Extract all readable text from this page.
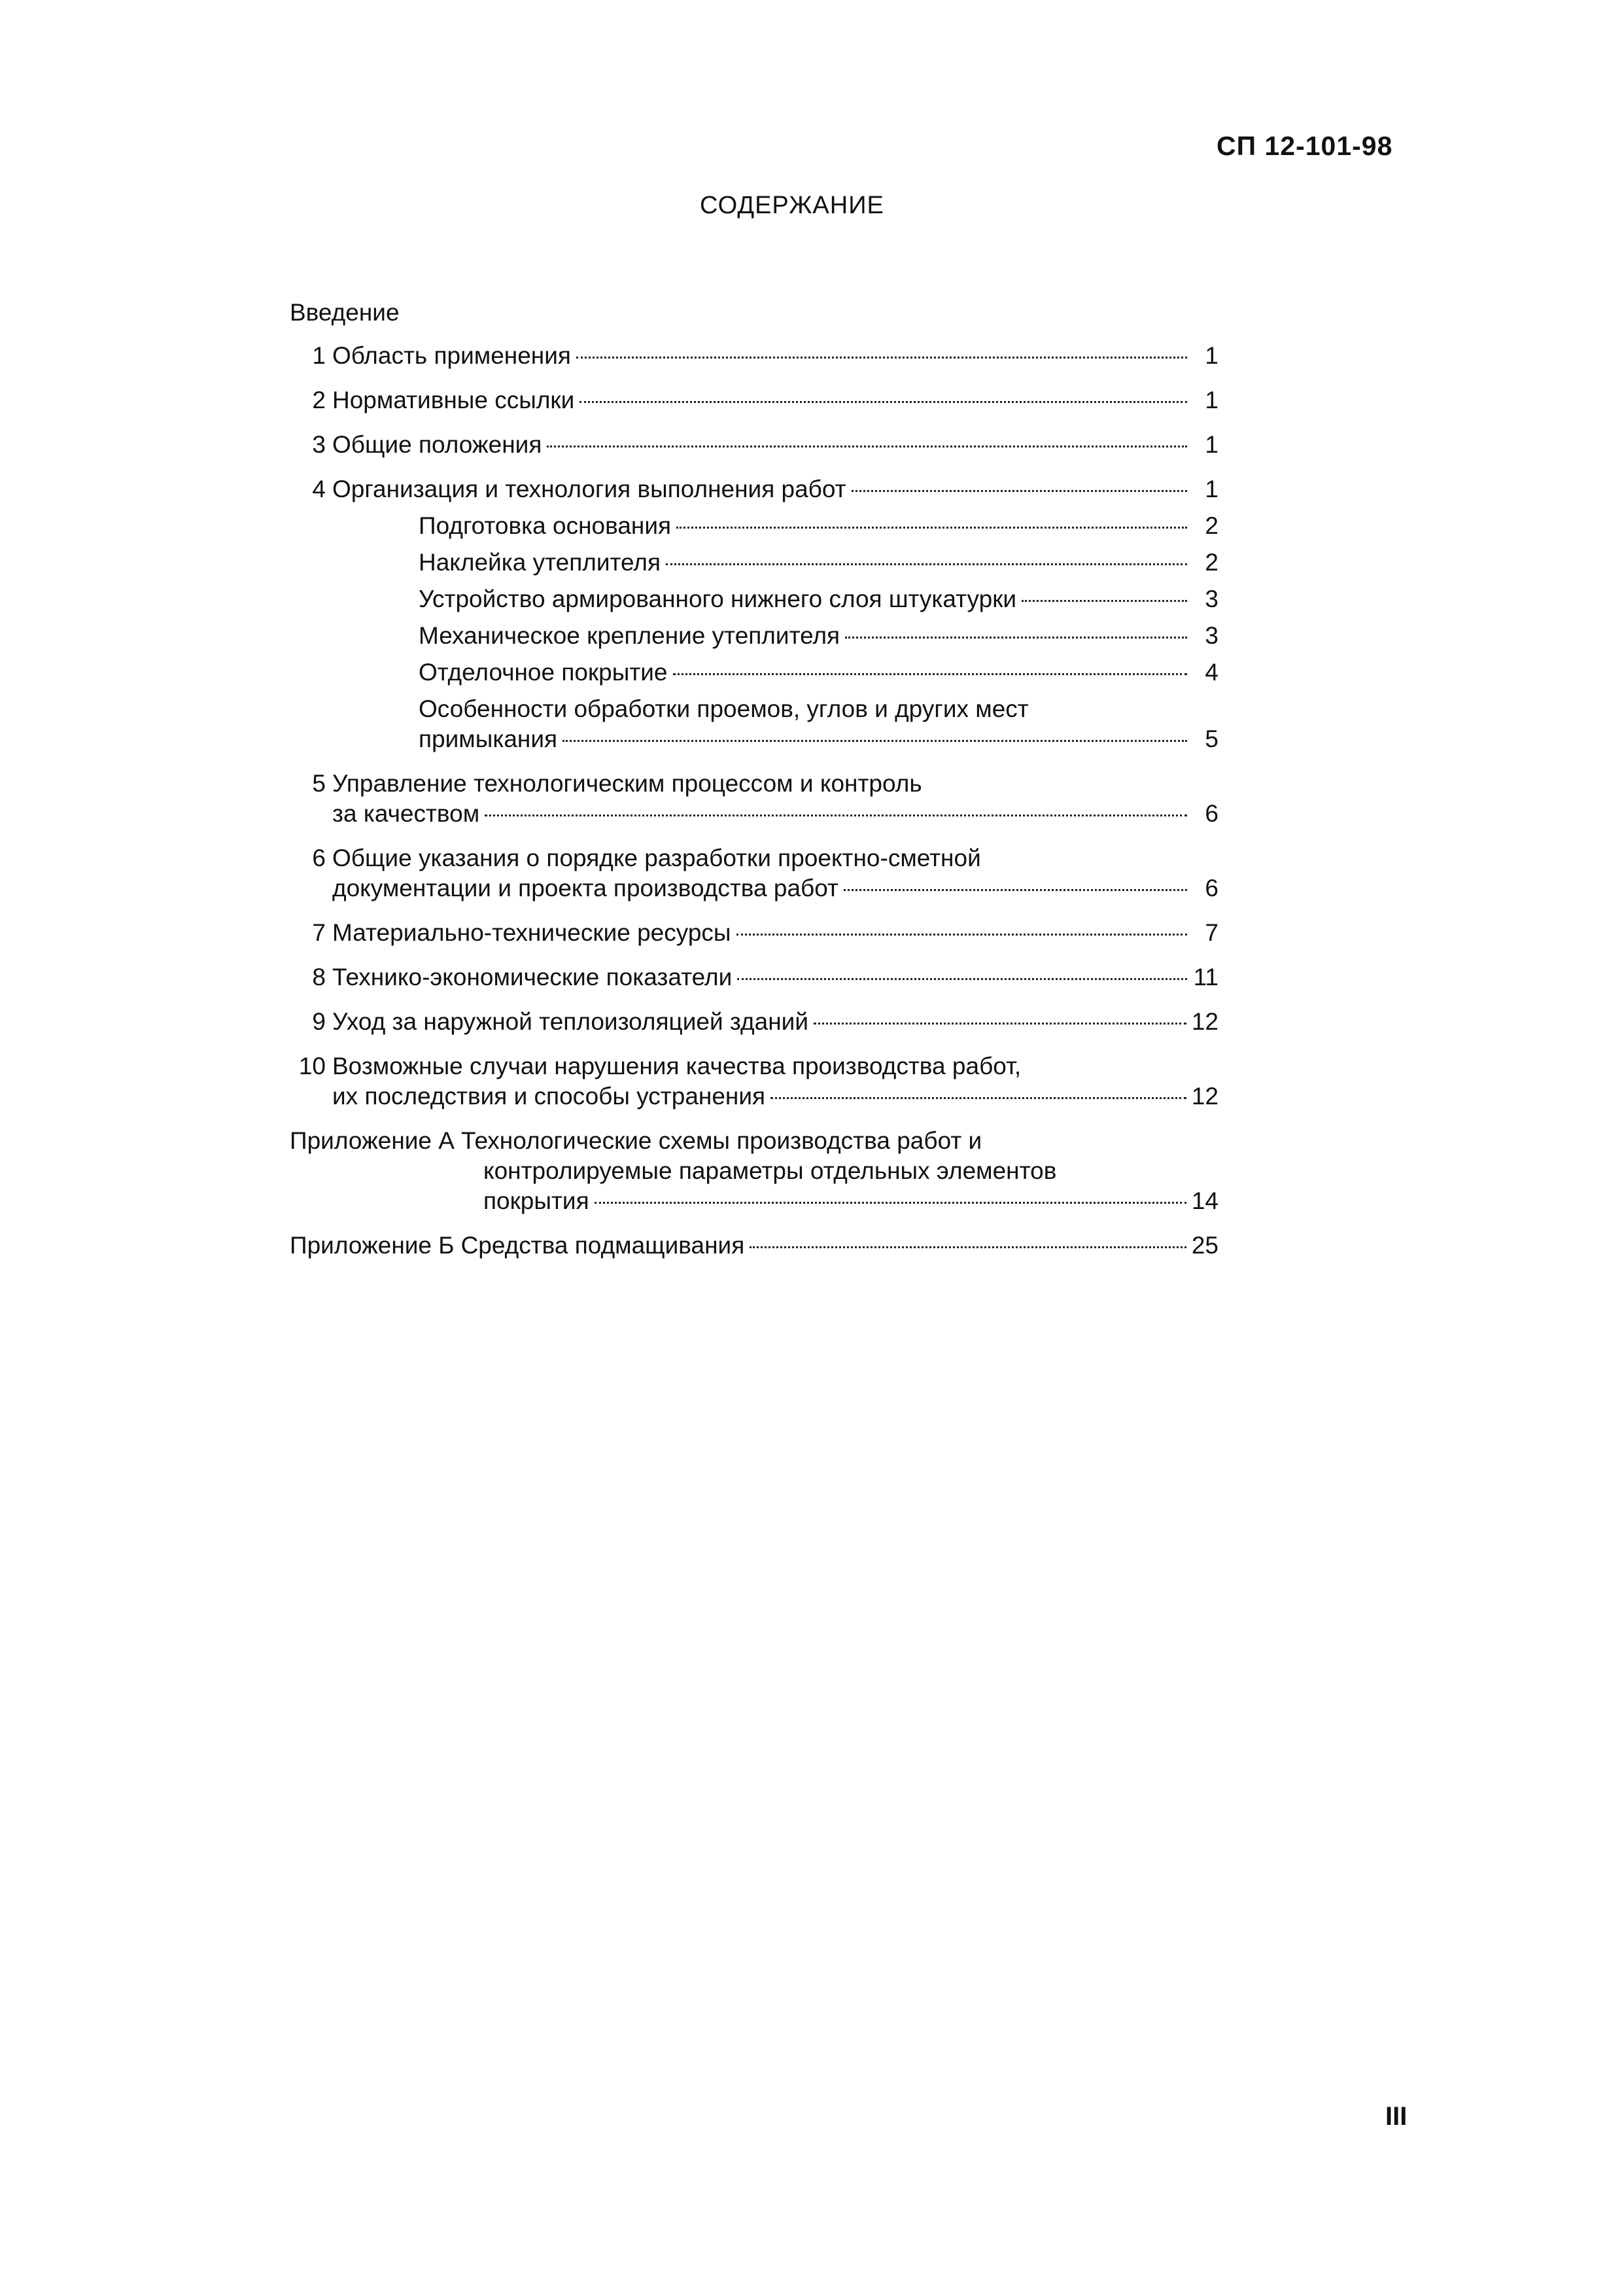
СП 12-101-98
СОДЕРЖАНИЕ
Введение
1 Область применения	1
2 Нормативные ссылки	1
3 Общие положения	1
4 Организация и технология выполнения работ	1
Подготовка основания	2
Наклейка утеплителя	2
Устройство армированного нижнего слоя штукатурки	3
Механическое крепление утеплителя	3
Отделочное покрытие	4
Особенности обработки проемов, углов и других мест
примыкания	5
5 Управление технологическим процессом и контроль
за качеством	6
6 Общие указания о порядке разработки проектно-сметной
документации и проекта производства работ	6
7 Материально-технические ресурсы	7
8 Технико-экономические показатели	11
9 Уход за наружной теплоизоляцией зданий	12
10 Возможные случаи нарушения качества производства работ,
их последствия и способы устранения	12
Приложение А Технологические схемы производства работ и
контролируемые параметры отдельных элементов
покрытия	14
Приложение Б Средства подмащивания	25
III
